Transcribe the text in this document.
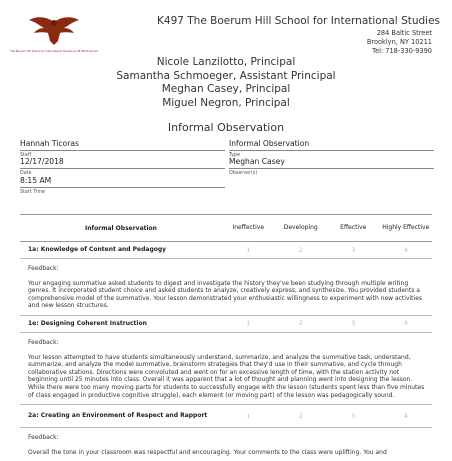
The Boerum Hill School for International Studies An IB World School
K497 The Boerum Hill School for International Studies
284 Baltic Street
Brooklyn, NY 10211
Tel: 718-330-9390
Nicole Lanzilotto, Principal
Samantha Schmoeger, Assistant Principal
Meghan Casey, Principal
Miguel Negron, Principal
Informal Observation
Hannah Ticoras
Staff
Informal Observation
Type
12/17/2018
Date
Meghan Casey
Observer(s)
8:15 AM
Start Time
Informal Observation	Ineffective	Developing	Effective	Highly Effective
1a: Knowledge of Content and Pedagogy	1	2	3	4
Feedback:
Your engaging summative asked students to digest and investigate the history they've been studying through multiple writing genres. It incorporated student choice and asked students to analyze, creatively express, and synthesize. You provided students a comprehensive model of the summative. Your lesson demonstrated your enthusiastic willingness to experiment with new activities and new lesson structures.
1e: Designing Coherent Instruction	1	2	3	4
Feedback:
Your lesson attempted to have students simultaneously understand, summarize, and analyze the summative task, understand, summarize, and analyze the model summative, brainstorm strategies that they'd use in their summative, and cycle through collaborative stations. Directions were convoluted and went on for an excessive length of time, with the station activity not beginning until 25 minutes into class. Overall it was apparent that a lot of thought and planning went into designing the lesson. While there were too many moving parts for students to successfully engage with the lesson (students spent less than five minutes of class engaged in productive cognitive struggle), each element (or moving part) of the lesson was pedagogically sound.
2a: Creating an Environment of Respect and Rapport	1	2	3	4
Feedback:
Overall the tone in your classroom was respectful and encouraging. Your comments to the class were uplifting. You and
